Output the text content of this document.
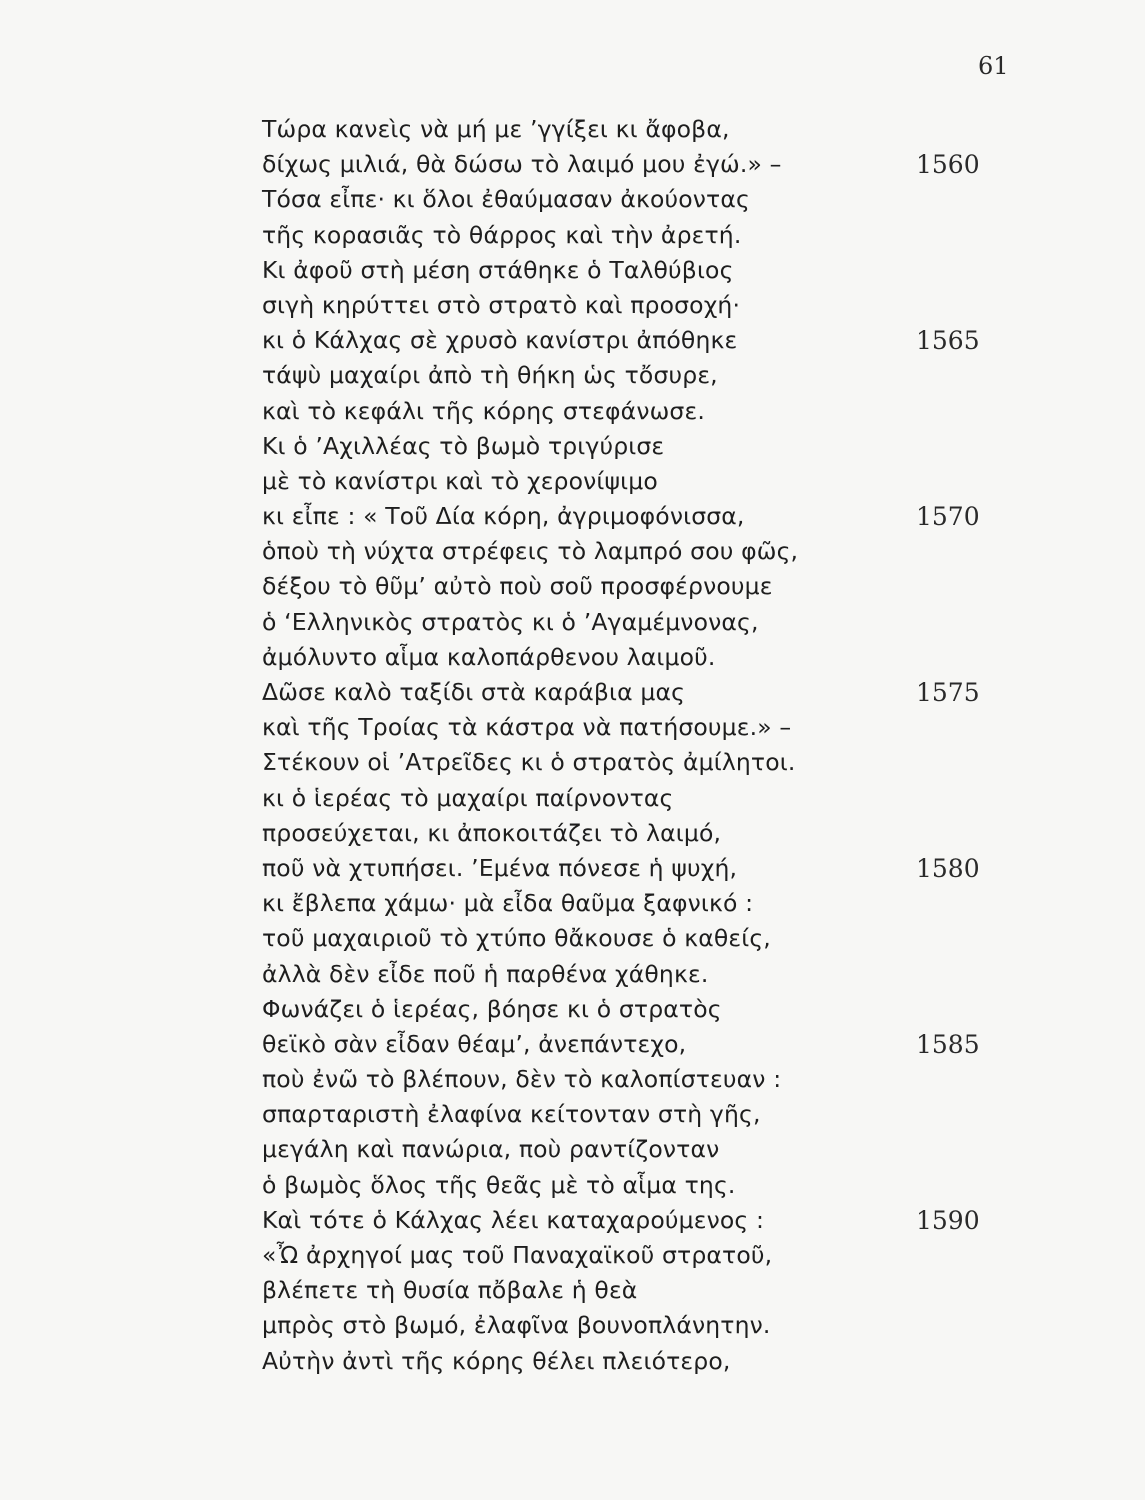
61
Τώρα κανεὶς νὰ μή με ’γγίξει κι ἄφοβα,
δίχως μιλιά, θὰ δώσω τὸ λαιμό μου ἐγώ.» –	1560
Τόσα εἶπε· κι ὅλοι ἐθαύμασαν ἀκούοντας
τῆς κορασιᾶς τὸ θάρρος καὶ τὴν ἀρετή.
Κι ἀφοῦ στὴ μέση στάθηκε ὁ Ταλθύβιος
σιγὴ κηρύττει στὸ στρατὸ καὶ προσοχή·
κι ὁ Κάλχας σὲ χρυσὸ κανίστρι ἀπόθηκε	1565
τάψὺ μαχαίρι ἀπὸ τὴ θήκη ὡς τὄσυρε,
καὶ τὸ κεφάλι τῆς κόρης στεφάνωσε.
Κι ὁ ’Αχιλλέας τὸ βωμὸ τριγύρισε
μὲ τὸ κανίστρι καὶ τὸ χερονίψιμο
κι εἶπε : « Τοῦ Δία κόρη, ἀγριμοφόνισσα,	1570
ὁποὺ τὴ νύχτα στρέφεις τὸ λαμπρό σου φῶς,
δέξου τὸ θῦμ’ αὐτὸ ποὺ σοῦ προσφέρνουμε
ὁ ‘Ελληνικὸς στρατὸς κι ὁ ’Αγαμέμνονας,
ἀμόλυντο αἷμα καλοπάρθενου λαιμοῦ.
Δῶσε καλὸ ταξίδι στὰ καράβια μας	1575
καὶ τῆς Τροίας τὰ κάστρα νὰ πατήσουμε.» –
Στέκουν οἱ ’Ατρεῖδες κι ὁ στρατὸς ἀμίλητοι.
κι ὁ ἱερέας τὸ μαχαίρι παίρνοντας
προσεύχεται, κι ἀποκοιτάζει τὸ λαιμό,
ποῦ νὰ χτυπήσει. ’Εμένα πόνεσε ἡ ψυχή,	1580
κι ἔβλεπα χάμω· μὰ εἶδα θαῦμα ξαφνικό :
τοῦ μαχαιριοῦ τὸ χτύπο θἄκουσε ὁ καθείς,
ἀλλὰ δὲν εἶδε ποῦ ἡ παρθένα χάθηκε.
Φωνάζει ὁ ἱερέας, βόησε κι ὁ στρατὸς
θεϊκὸ σὰν εἶδαν θέαμ’, ἀνεπάντεχο,	1585
ποὺ ἐνῶ τὸ βλέπουν, δὲν τὸ καλοπίστευαν :
σπαρταριστὴ ἐλαφίνα κείτονταν στὴ γῆς,
μεγάλη καὶ πανώρια, ποὺ ραντίζονταν
ὁ βωμὸς ὅλος τῆς θεᾶς μὲ τὸ αἷμα της.
Καὶ τότε ὁ Κάλχας λέει καταχαρούμενος :	1590
«Ὦ ἀρχηγοί μας τοῦ Παναχαϊκοῦ στρατοῦ,
βλέπετε τὴ θυσία πὄβαλε ἡ θεὰ
μπρὸς στὸ βωμό, ἐλαφῖνα βουνοπλάνητην.
Αὐτὴν ἀντὶ τῆς κόρης θέλει πλειότερο,
